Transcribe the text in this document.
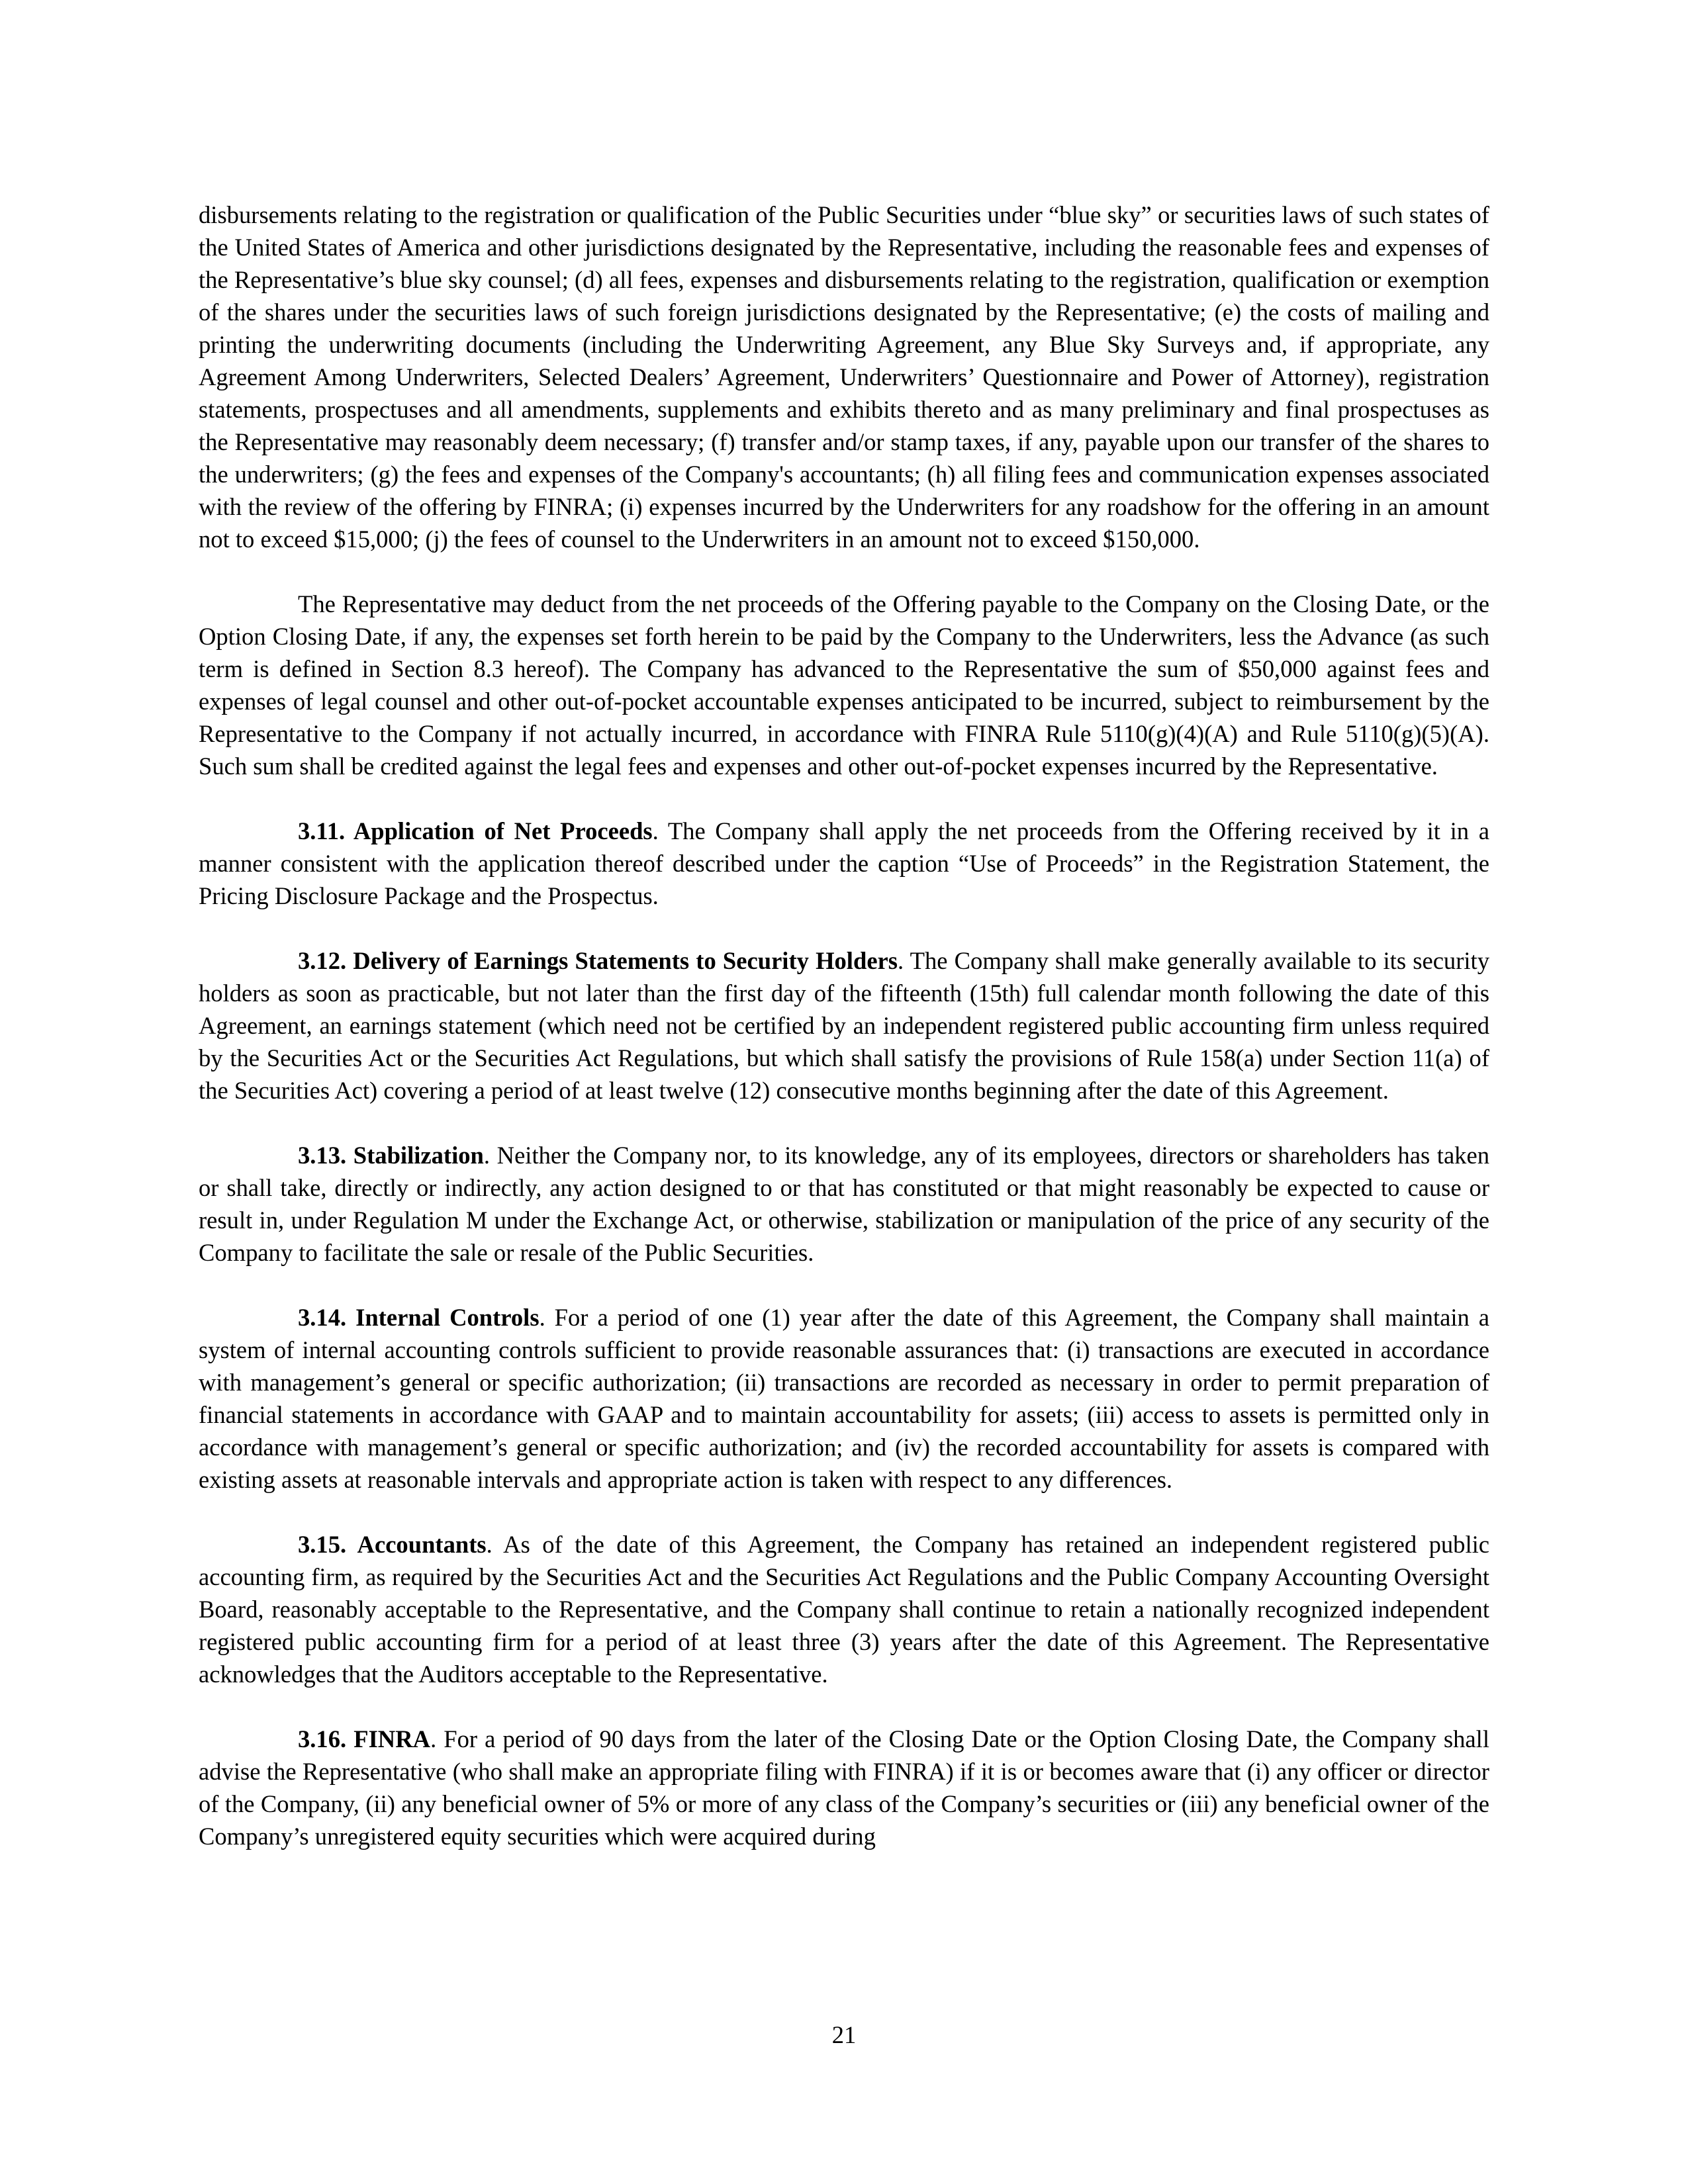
disbursements relating to the registration or qualification of the Public Securities under “blue sky” or securities laws of such states of the United States of America and other jurisdictions designated by the Representative, including the reasonable fees and expenses of the Representative’s blue sky counsel; (d) all fees, expenses and disbursements relating to the registration, qualification or exemption of the shares under the securities laws of such foreign jurisdictions designated by the Representative; (e) the costs of mailing and printing the underwriting documents (including the Underwriting Agreement, any Blue Sky Surveys and, if appropriate, any Agreement Among Underwriters, Selected Dealers’ Agreement, Underwriters’ Questionnaire and Power of Attorney), registration statements, prospectuses and all amendments, supplements and exhibits thereto and as many preliminary and final prospectuses as the Representative may reasonably deem necessary; (f) transfer and/or stamp taxes, if any, payable upon our transfer of the shares to the underwriters; (g) the fees and expenses of the Company's accountants; (h) all filing fees and communication expenses associated with the review of the offering by FINRA; (i) expenses incurred by the Underwriters for any roadshow for the offering in an amount not to exceed $15,000; (j) the fees of counsel to the Underwriters in an amount not to exceed $150,000.

The Representative may deduct from the net proceeds of the Offering payable to the Company on the Closing Date, or the Option Closing Date, if any, the expenses set forth herein to be paid by the Company to the Underwriters, less the Advance (as such term is defined in Section 8.3 hereof). The Company has advanced to the Representative the sum of $50,000 against fees and expenses of legal counsel and other out-of-pocket accountable expenses anticipated to be incurred, subject to reimbursement by the Representative to the Company if not actually incurred, in accordance with FINRA Rule 5110(g)(4)(A) and Rule 5110(g)(5)(A). Such sum shall be credited against the legal fees and expenses and other out-of-pocket expenses incurred by the Representative.

3.11. Application of Net Proceeds. The Company shall apply the net proceeds from the Offering received by it in a manner consistent with the application thereof described under the caption “Use of Proceeds” in the Registration Statement, the Pricing Disclosure Package and the Prospectus.

3.12. Delivery of Earnings Statements to Security Holders. The Company shall make generally available to its security holders as soon as practicable, but not later than the first day of the fifteenth (15th) full calendar month following the date of this Agreement, an earnings statement (which need not be certified by an independent registered public accounting firm unless required by the Securities Act or the Securities Act Regulations, but which shall satisfy the provisions of Rule 158(a) under Section 11(a) of the Securities Act) covering a period of at least twelve (12) consecutive months beginning after the date of this Agreement.

3.13. Stabilization. Neither the Company nor, to its knowledge, any of its employees, directors or shareholders has taken or shall take, directly or indirectly, any action designed to or that has constituted or that might reasonably be expected to cause or result in, under Regulation M under the Exchange Act, or otherwise, stabilization or manipulation of the price of any security of the Company to facilitate the sale or resale of the Public Securities.

3.14. Internal Controls. For a period of one (1) year after the date of this Agreement, the Company shall maintain a system of internal accounting controls sufficient to provide reasonable assurances that: (i) transactions are executed in accordance with management’s general or specific authorization; (ii) transactions are recorded as necessary in order to permit preparation of financial statements in accordance with GAAP and to maintain accountability for assets; (iii) access to assets is permitted only in accordance with management’s general or specific authorization; and (iv) the recorded accountability for assets is compared with existing assets at reasonable intervals and appropriate action is taken with respect to any differences.

3.15. Accountants. As of the date of this Agreement, the Company has retained an independent registered public accounting firm, as required by the Securities Act and the Securities Act Regulations and the Public Company Accounting Oversight Board, reasonably acceptable to the Representative, and the Company shall continue to retain a nationally recognized independent registered public accounting firm for a period of at least three (3) years after the date of this Agreement. The Representative acknowledges that the Auditors acceptable to the Representative.

3.16. FINRA. For a period of 90 days from the later of the Closing Date or the Option Closing Date, the Company shall advise the Representative (who shall make an appropriate filing with FINRA) if it is or becomes aware that (i) any officer or director of the Company, (ii) any beneficial owner of 5% or more of any class of the Company’s securities or (iii) any beneficial owner of the Company’s unregistered equity securities which were acquired during

21
